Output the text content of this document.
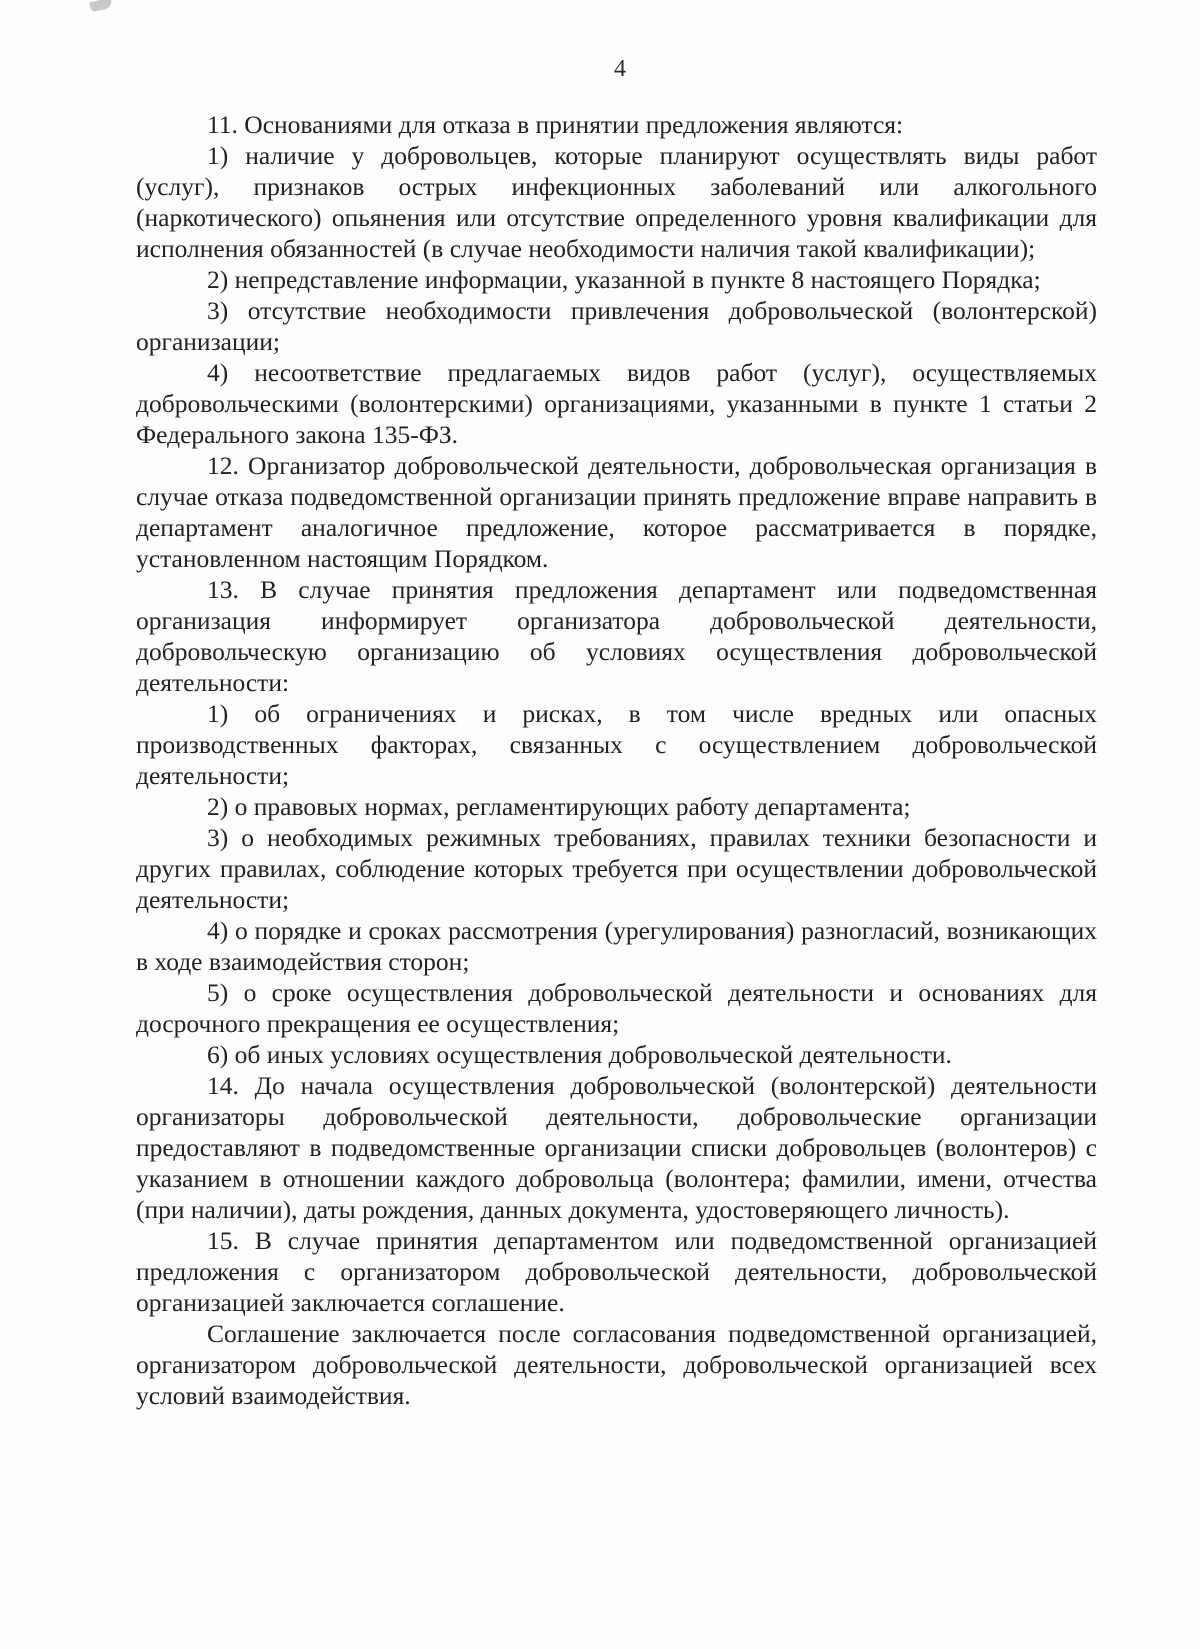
4

11. Основаниями для отказа в принятии предложения являются:

1) наличие у добровольцев, которые планируют осуществлять виды работ (услуг), признаков острых инфекционных заболеваний или алкогольного (наркотического) опьянения или отсутствие определенного уровня квалификации для исполнения обязанностей (в случае необходимости наличия такой квалификации);

2) непредставление информации, указанной в пункте 8 настоящего Порядка;

3) отсутствие необходимости привлечения добровольческой (волонтерской) организации;

4) несоответствие предлагаемых видов работ (услуг), осуществляемых добровольческими (волонтерскими) организациями, указанными в пункте 1 статьи 2 Федерального закона 135-ФЗ.

12. Организатор добровольческой деятельности, добровольческая организация в случае отказа подведомственной организации принять предложение вправе направить в департамент аналогичное предложение, которое рассматривается в порядке, установленном настоящим Порядком.

13. В случае принятия предложения департамент или подведомственная организация информирует организатора добровольческой деятельности, добровольческую организацию об условиях осуществления добровольческой деятельности:

1) об ограничениях и рисках, в том числе вредных или опасных производственных факторах, связанных с осуществлением добровольческой деятельности;

2) о правовых нормах, регламентирующих работу департамента;

3) о необходимых режимных требованиях, правилах техники безопасности и других правилах, соблюдение которых требуется при осуществлении добровольческой деятельности;

4) о порядке и сроках рассмотрения (урегулирования) разногласий, возникающих в ходе взаимодействия сторон;

5) о сроке осуществления добровольческой деятельности и основаниях для досрочного прекращения ее осуществления;

6) об иных условиях осуществления добровольческой деятельности.

14. До начала осуществления добровольческой (волонтерской) деятельности организаторы добровольческой деятельности, добровольческие организации предоставляют в подведомственные организации списки добровольцев (волонтеров) с указанием в отношении каждого добровольца (волонтера; фамилии, имени, отчества (при наличии), даты рождения, данных документа, удостоверяющего личность).

15. В случае принятия департаментом или подведомственной организацией предложения с организатором добровольческой деятельности, добровольческой организацией заключается соглашение.

Соглашение заключается после согласования подведомственной организацией, организатором добровольческой деятельности, добровольческой организацией всех условий взаимодействия.
